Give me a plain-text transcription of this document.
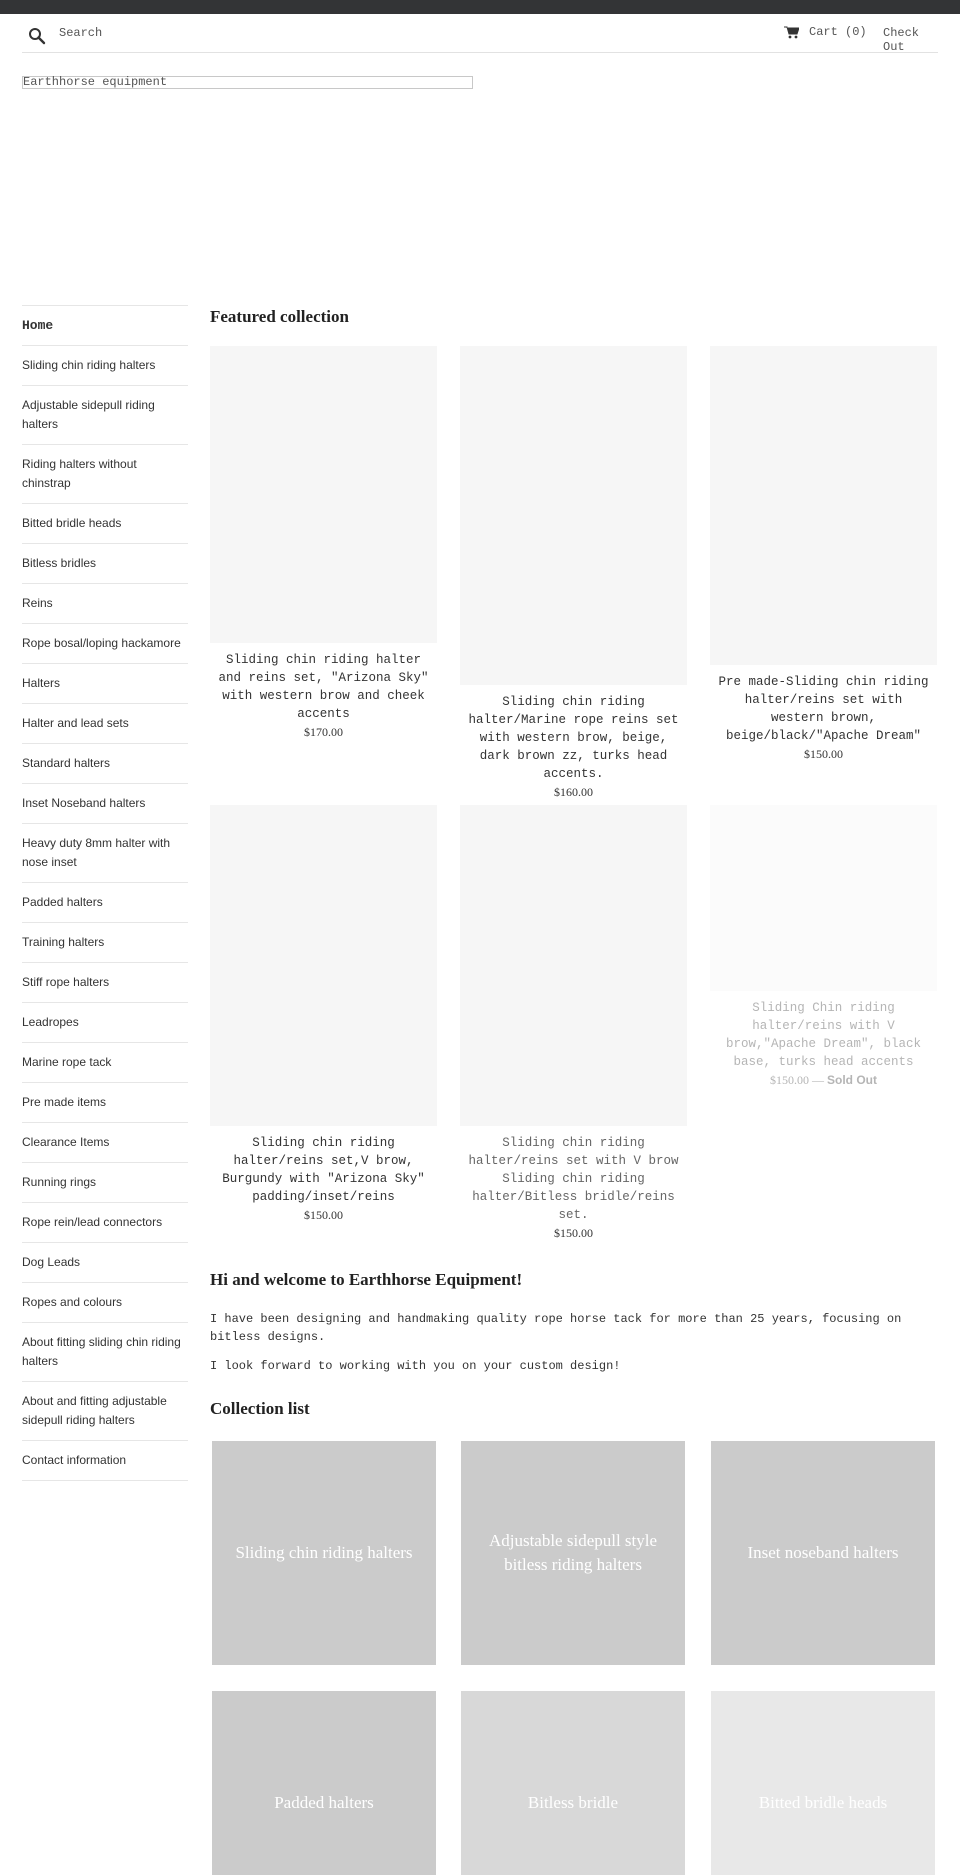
Search	Cart (0) Check Out
Earthhorse equipment
Home
Sliding chin riding halters
Adjustable sidepull riding halters
Riding halters without chinstrap
Bitted bridle heads
Bitless bridles
Reins
Rope bosal/loping hackamore
Halters
Halter and lead sets
Standard halters
Inset Noseband halters
Heavy duty 8mm halter with nose inset
Padded halters
Training halters
Stiff rope halters
Leadropes
Marine rope tack
Pre made items
Clearance Items
Running rings
Rope rein/lead connectors
Dog Leads
Ropes and colours
About fitting sliding chin riding halters
About and fitting adjustable sidepull riding halters
Contact information
Featured collection
Sliding chin riding halter and reins set, "Arizona Sky" with western brow and cheek accents
$170.00
Sliding chin riding halter/Marine rope reins set with western brow, beige, dark brown zz, turks head accents.
$160.00
Pre made-Sliding chin riding halter/reins set with western brown, beige/black/"Apache Dream"
$150.00
Sliding chin riding halter/reins set,V brow, Burgundy with "Arizona Sky" padding/inset/reins
$150.00
Sliding chin riding halter/reins set with V brow Sliding chin riding halter/Bitless bridle/reins set.
$150.00
Sliding Chin riding halter/reins with V brow,"Apache Dream", black base, turks head accents
$150.00 — Sold Out
Hi and welcome to Earthhorse Equipment!

I have been designing and handmaking quality rope horse tack for more than 25 years, focusing on bitless designs.

I look forward to working with you on your custom design!

Collection list
Sliding chin riding halters
Adjustable sidepull style bitless riding halters
Inset noseband halters
Padded halters	Bitless bridle	Bitted bridle heads
